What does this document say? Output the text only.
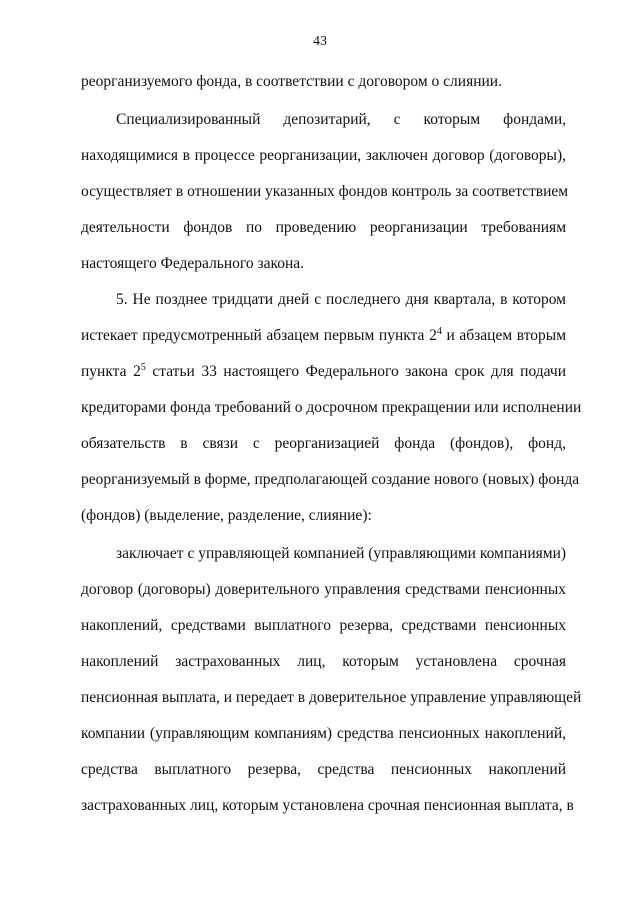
43
реорганизуемого фонда, в соответствии с договором о слиянии.
Специализированный депозитарий, с которым фондами,
находящимися в процессе реорганизации, заключен договор (договоры),
осуществляет в отношении указанных фондов контроль за соответствием
деятельности фондов по проведению реорганизации требованиям
настоящего Федерального закона.
5. Не позднее тридцати дней с последнего дня квартала, в котором
истекает предусмотренный абзацем первым пункта $2^4$ и абзацем вторым
пункта $2^5$ статьи 33 настоящего Федерального закона срок для подачи
кредиторами фонда требований о досрочном прекращении или исполнении
обязательств в связи с реорганизацией фонда (фондов), фонд,
реорганизуемый в форме, предполагающей создание нового (новых) фонда
(фондов) (выделение, разделение, слияние):
заключает с управляющей компанией (управляющими компаниями)
договор (договоры) доверительного управления средствами пенсионных
накоплений, средствами выплатного резерва, средствами пенсионных
накоплений застрахованных лиц, которым установлена срочная
пенсионная выплата, и передает в доверительное управление управляющей
компании (управляющим компаниям) средства пенсионных накоплений,
средства выплатного резерва, средства пенсионных накоплений
застрахованных лиц, которым установлена срочная пенсионная выплата, в
